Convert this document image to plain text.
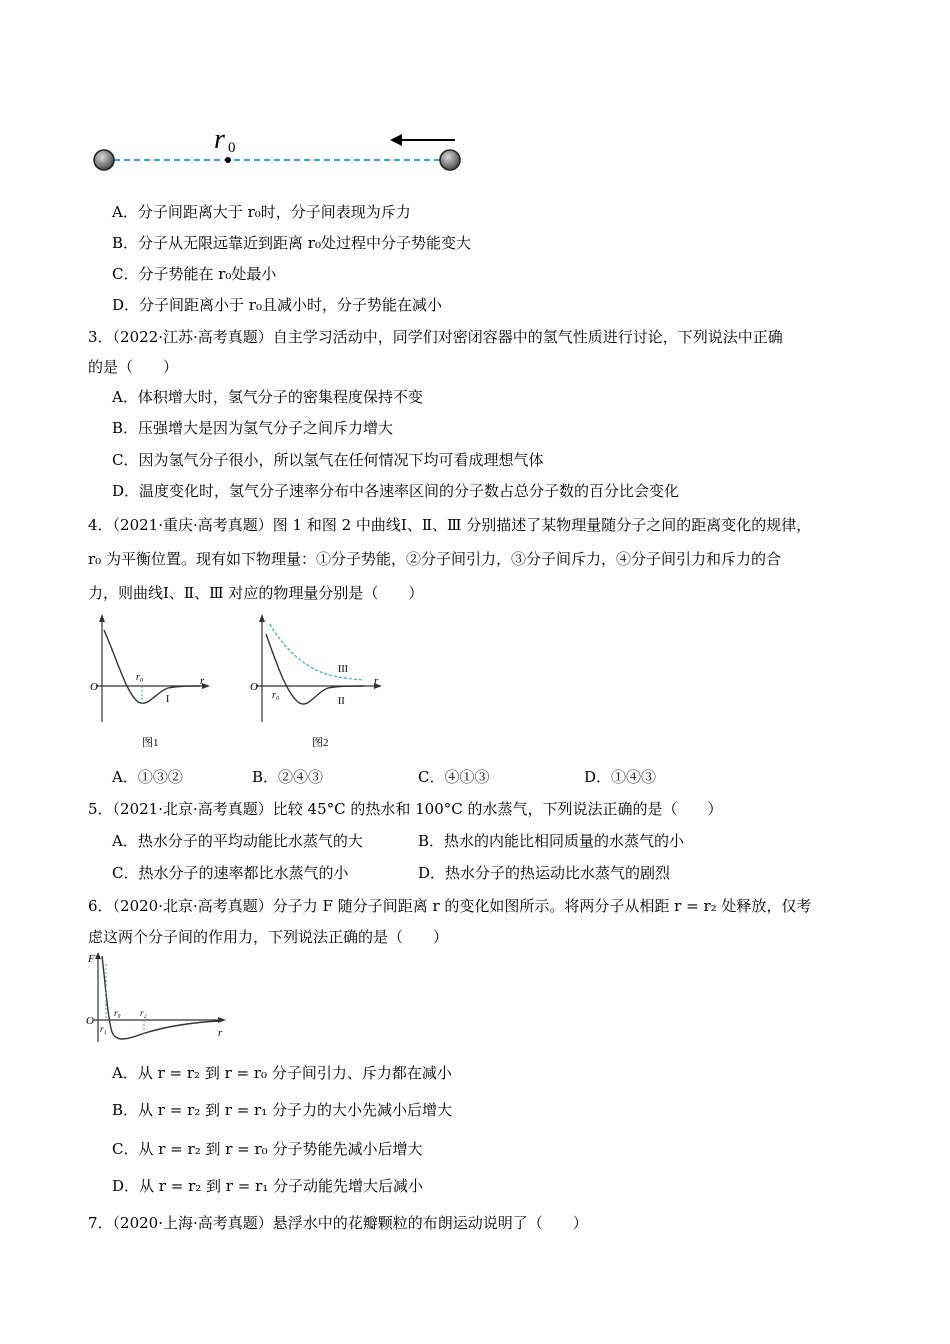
r 0
A．分子间距离大于 r₀时，分子间表现为斥力
B．分子从无限远靠近到距离 r₀处过程中分子势能变大
C．分子势能在 r₀处最小
D．分子间距离小于 r₀且减小时，分子势能在减小
3．（2022·江苏·高考真题）自主学习活动中，同学们对密闭容器中的氢气性质进行讨论，下列说法中正确
的是（　　）
A．体积增大时，氢气分子的密集程度保持不变
B．压强增大是因为氢气分子之间斥力增大
C．因为氢气分子很小，所以氢气在任何情况下均可看成理想气体
D．温度变化时，氢气分子速率分布中各速率区间的分子数占总分子数的百分比会变化
4．（2021·重庆·高考真题）图 1 和图 2 中曲线Ⅰ、Ⅱ、Ⅲ 分别描述了某物理量随分子之间的距离变化的规律，
r₀ 为平衡位置。现有如下物理量：①分子势能，②分子间引力，③分子间斥力，④分子间引力和斥力的合
力，则曲线Ⅰ、Ⅱ、Ⅲ 对应的物理量分别是（　　）
O	r
r₀
I
图1
O	r
r₀
II
III
图2
A．①③②	B．②④③	C．④①③	D．①④③
5．（2021·北京·高考真题）比较 45°C 的热水和 100°C 的水蒸气，下列说法正确的是（　　）
A．热水分子的平均动能比水蒸气的大	B．热水的内能比相同质量的水蒸气的小
C．热水分子的速率都比水蒸气的小	D．热水分子的热运动比水蒸气的剧烈
6．（2020·北京·高考真题）分子力 F 随分子间距离 r 的变化如图所示。将两分子从相距 r = r₂ 处释放，仅考
虑这两个分子间的作用力，下列说法正确的是（　　）
F
O
r
r₀
r₁
r₂
A．从 r = r₂ 到 r = r₀ 分子间引力、斥力都在减小
B．从 r = r₂ 到 r = r₁ 分子力的大小先减小后增大
C．从 r = r₂ 到 r = r₀ 分子势能先减小后增大
D．从 r = r₂ 到 r = r₁ 分子动能先增大后减小
7．（2020·上海·高考真题）悬浮水中的花瓣颗粒的布朗运动说明了（　　）
